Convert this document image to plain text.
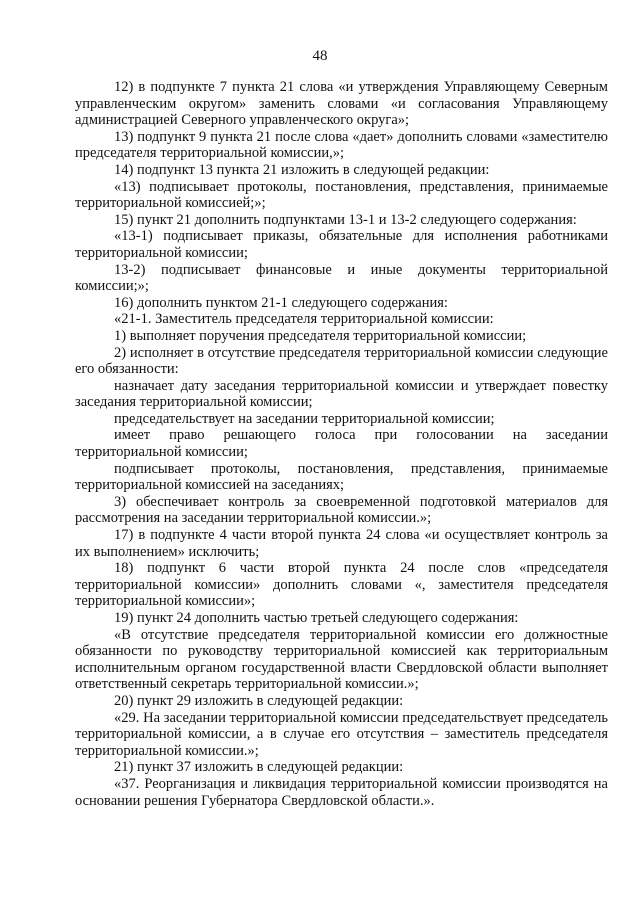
48

12) в подпункте 7 пункта 21 слова «и утверждения Управляющему Северным управленческим округом» заменить словами «и согласования Управляющему администрацией Северного управленческого округа»;

13) подпункт 9 пункта 21 после слова «дает» дополнить словами «заместителю председателя территориальной комиссии,»;

14) подпункт 13 пункта 21 изложить в следующей редакции:

«13) подписывает протоколы, постановления, представления, принимаемые территориальной комиссией;»;

15) пункт 21 дополнить подпунктами 13-1 и 13-2 следующего содержания:

«13-1) подписывает приказы, обязательные для исполнения работниками территориальной комиссии;

13-2) подписывает финансовые и иные документы территориальной комиссии;»;

16) дополнить пунктом 21-1 следующего содержания:

«21-1. Заместитель председателя территориальной комиссии:

1) выполняет поручения председателя территориальной комиссии;

2) исполняет в отсутствие председателя территориальной комиссии следующие его обязанности:

назначает дату заседания территориальной комиссии и утверждает повестку заседания территориальной комиссии;

председательствует на заседании территориальной комиссии;

имеет право решающего голоса при голосовании на заседании территориальной комиссии;

подписывает протоколы, постановления, представления, принимаемые территориальной комиссией на заседаниях;

3) обеспечивает контроль за своевременной подготовкой материалов для рассмотрения на заседании территориальной комиссии.»;

17) в подпункте 4 части второй пункта 24 слова «и осуществляет контроль за их выполнением» исключить;

18) подпункт 6 части второй пункта 24 после слов «председателя территориальной комиссии» дополнить словами «, заместителя председателя территориальной комиссии»;

19) пункт 24 дополнить частью третьей следующего содержания:

«В отсутствие председателя территориальной комиссии его должностные обязанности по руководству территориальной комиссией как территориальным исполнительным органом государственной власти Свердловской области выполняет ответственный секретарь территориальной комиссии.»;

20) пункт 29 изложить в следующей редакции:

«29. На заседании территориальной комиссии председательствует председатель территориальной комиссии, а в случае его отсутствия – заместитель председателя территориальной комиссии.»;

21) пункт 37 изложить в следующей редакции:

«37. Реорганизация и ликвидация территориальной комиссии производятся на основании решения Губернатора Свердловской области.».
